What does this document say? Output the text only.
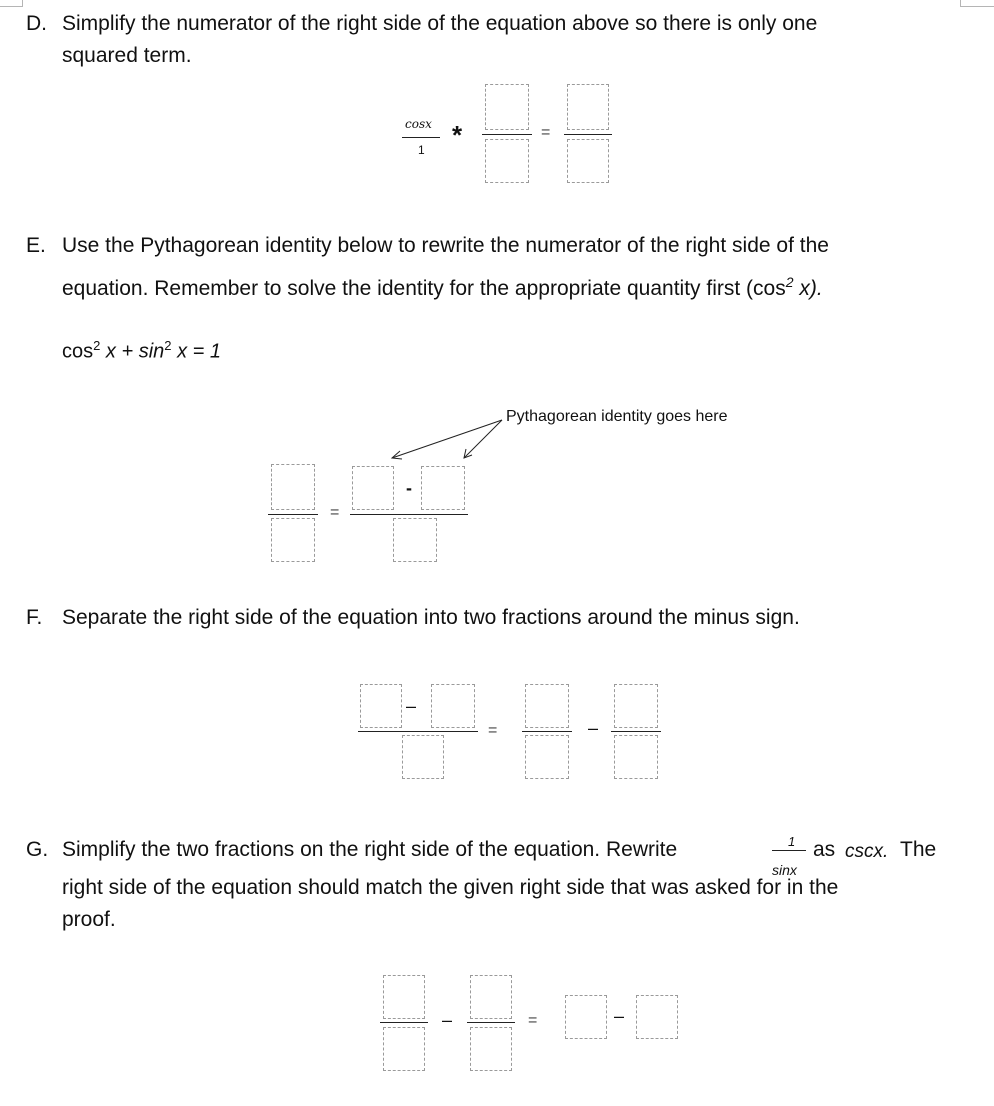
D. Simplify the numerator of the right side of the equation above so there is only one
squared term.
cosx
1 *	=
E. Use the Pythagorean identity below to rewrite the numerator of the right side of the
equation. Remember to solve the identity for the appropriate quantity first ($\cos^2$ x).
$\cos^2 x + \sin^2 x = 1$
Pythagorean identity goes here
=
-
F. Separate the right side of the equation into two fractions around the minus sign.
–
=	–
G. Simplify the two fractions on the right side of the equation. Rewrite	1
sinx
as cscx. The
right side of the equation should match the given right side that was asked for in the
proof.
–	=	–
